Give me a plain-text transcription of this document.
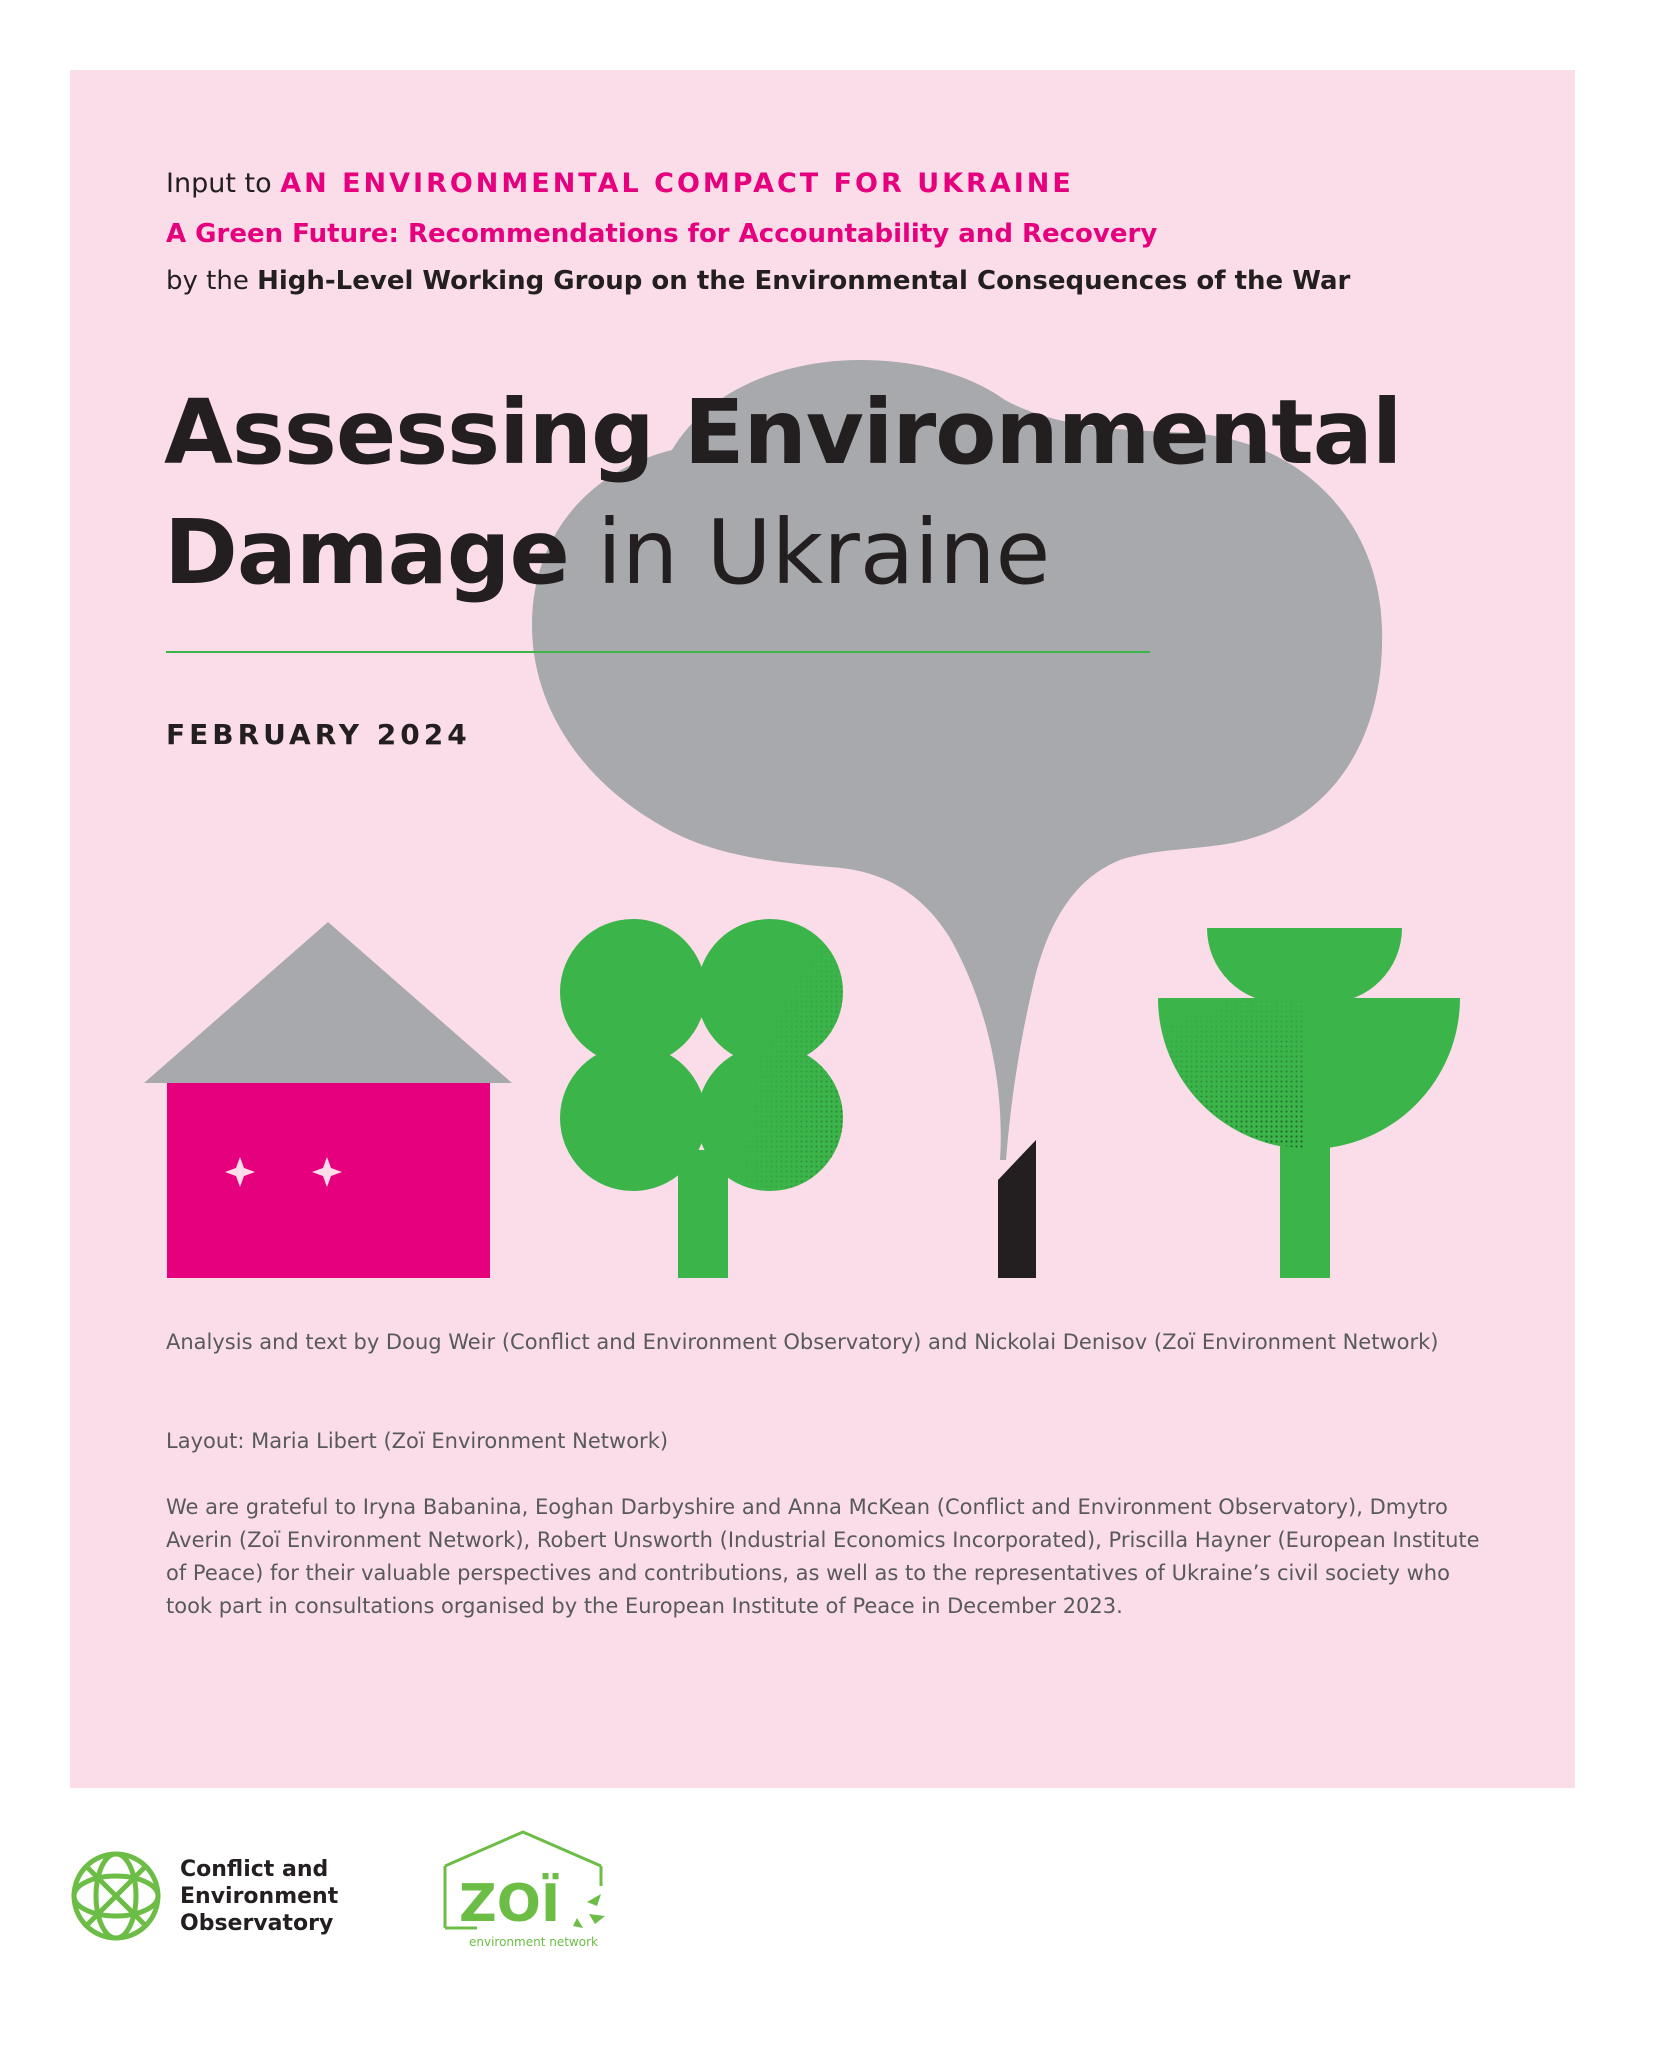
Input to AN ENVIRONMENTAL COMPACT FOR UKRAINE
A Green Future: Recommendations for Accountability and Recovery
by the High-Level Working Group on the Environmental Consequences of the War
Assessing Environmental
Damage in Ukraine
FEBRUARY 2024
Analysis and text by Doug Weir (Conflict and Environment Observatory) and Nickolai Denisov (Zoï Environment Network)
Layout: Maria Libert (Zoï Environment Network)
We are grateful to Iryna Babanina, Eoghan Darbyshire and Anna McKean (Conflict and Environment Observatory), Dmytro Averin (Zoï Environment Network), Robert Unsworth (Industrial Economics Incorporated), Priscilla Hayner (European Institute of Peace) for their valuable perspectives and contributions, as well as to the representatives of Ukraine’s civil society who took part in consultations organised by the European Institute of Peace in December 2023.
Conflict and
Environment
Observatory ZOÏ
environment network
